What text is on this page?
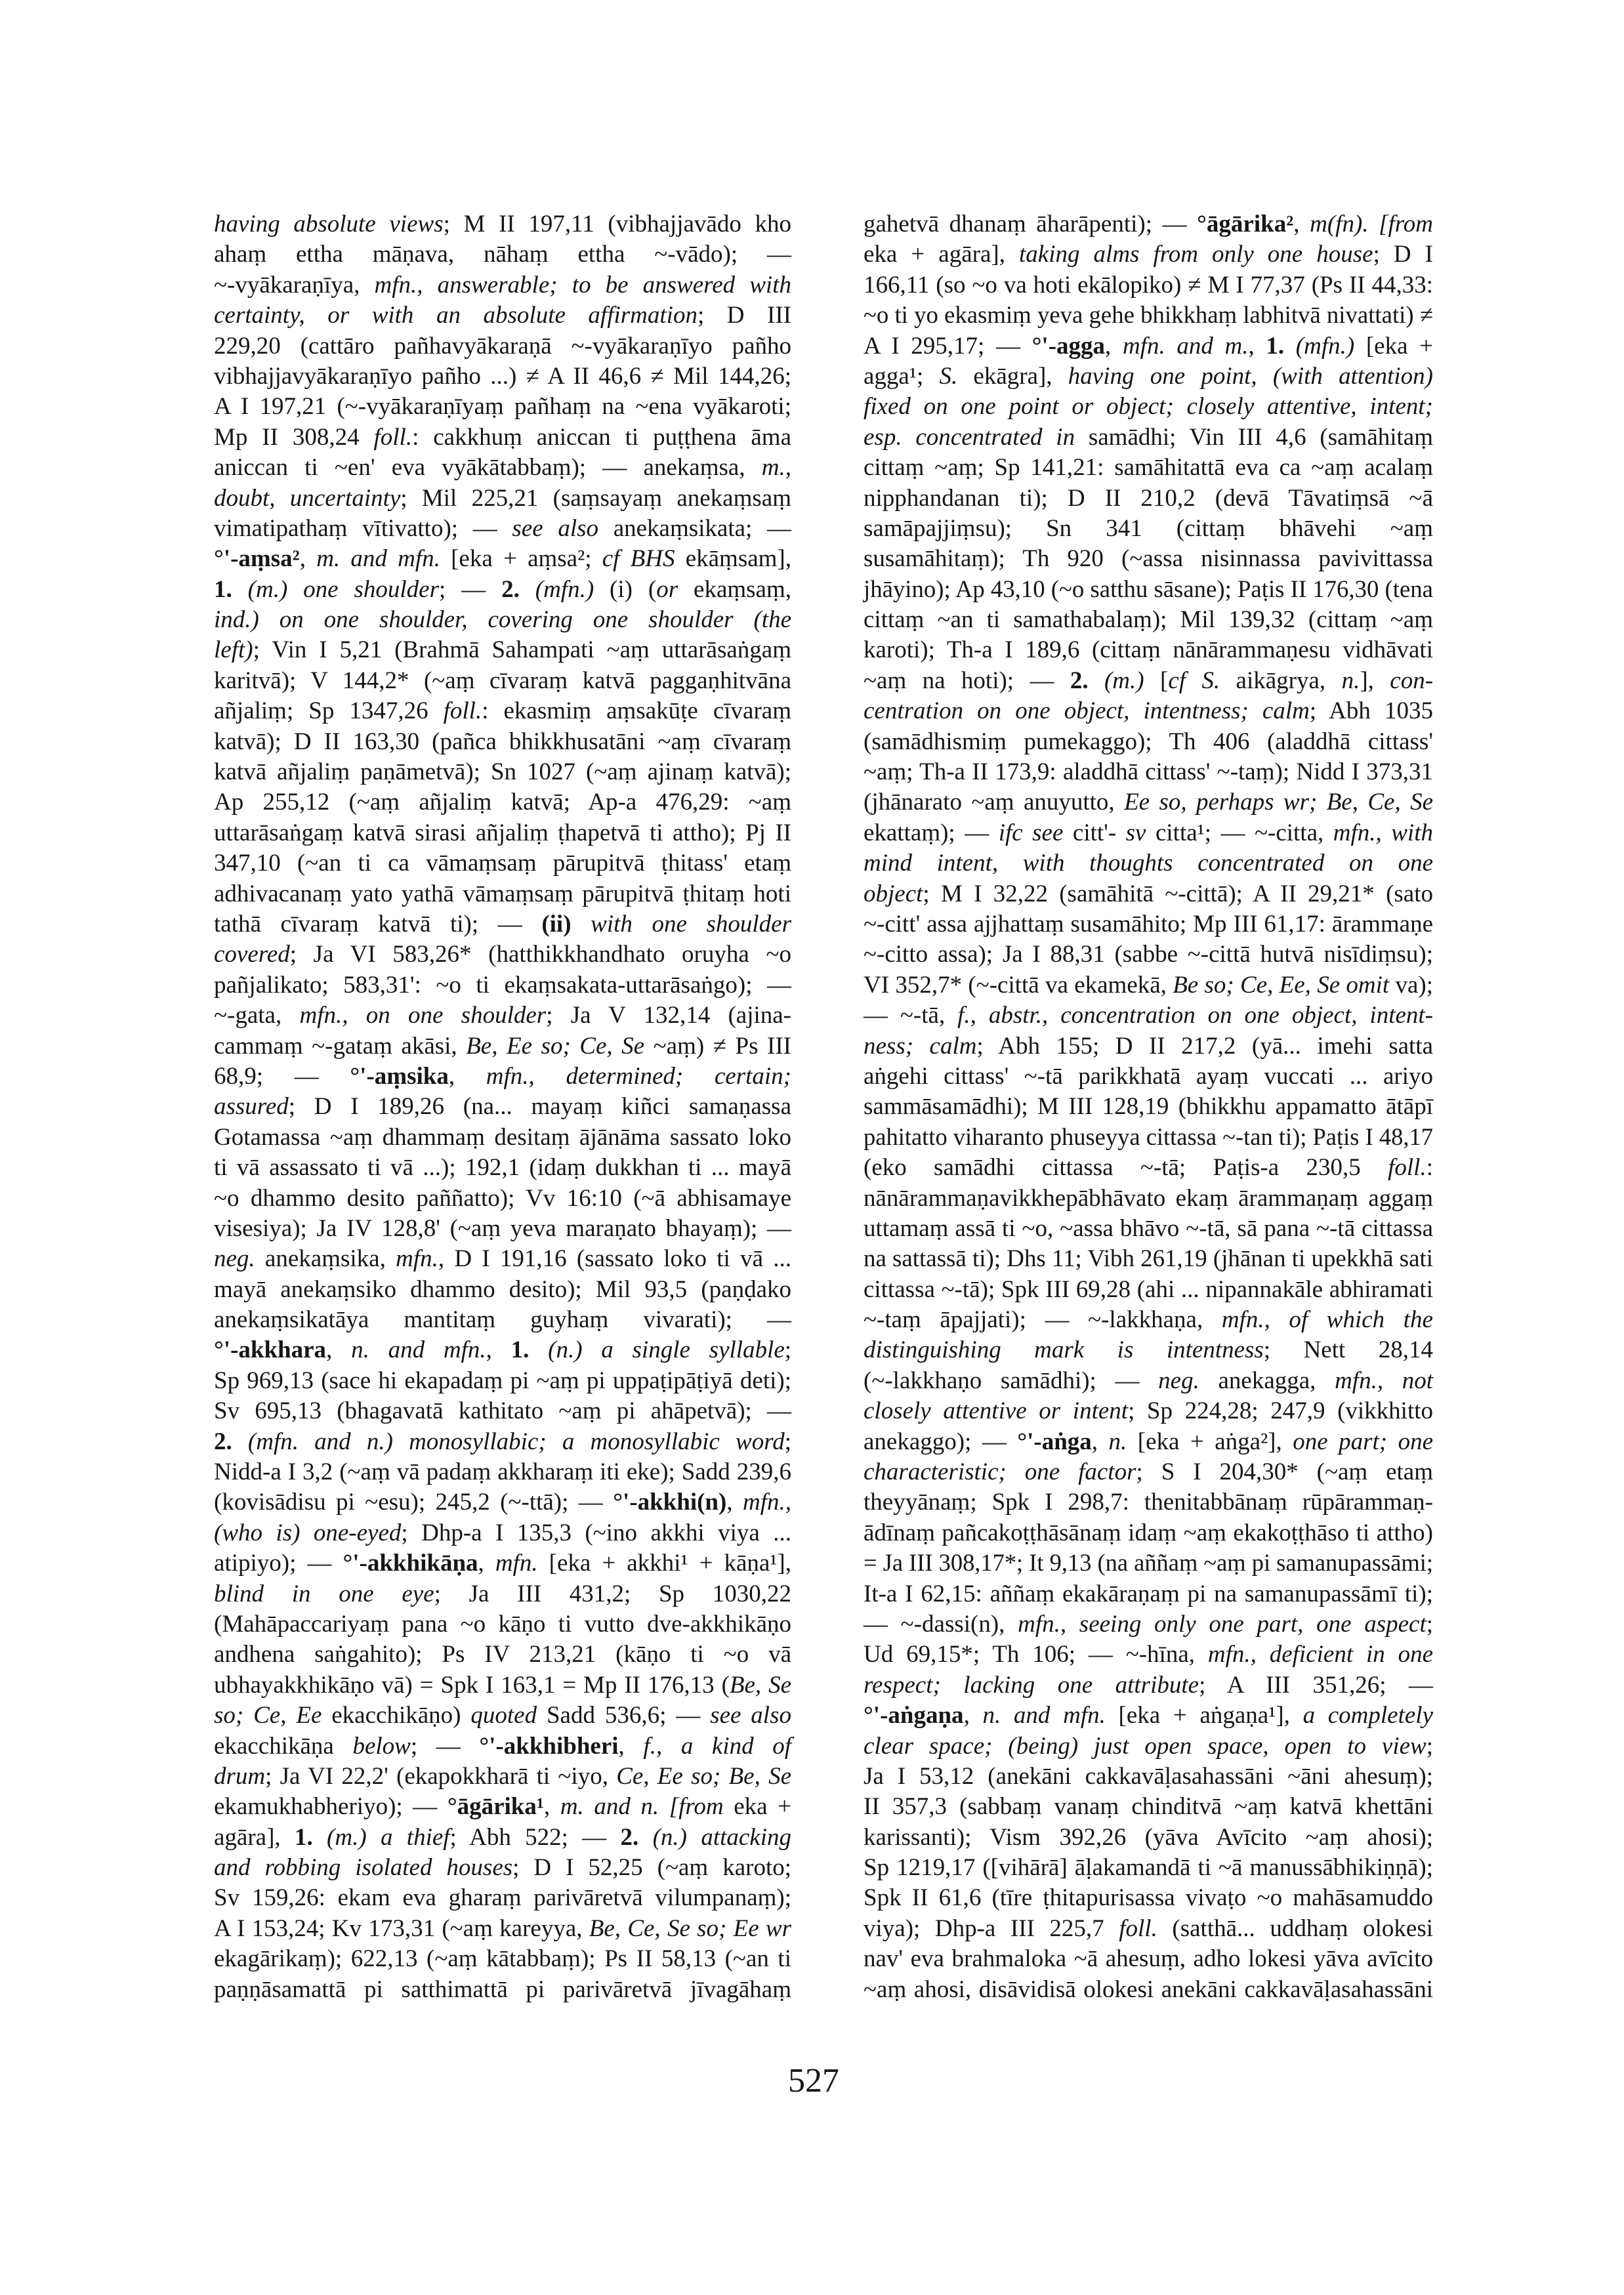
having absolute views; M II 197,11 (vibhajjavādo kho
ahaṃ ettha māṇava, nāhaṃ ettha ~-vādo); —
~-vyākaraṇīya, mfn., answerable; to be answered with
certainty, or with an absolute affirmation; D III
229,20 (cattāro pañhavyākaraṇā ~-vyākaraṇīyo pañho
vibhajjavyākaraṇīyo pañho ...) ≠ A II 46,6 ≠ Mil 144,26;
A I 197,21 (~-vyākaraṇīyaṃ pañhaṃ na ~ena vyākaroti;
Mp II 308,24 foll.: cakkhuṃ aniccan ti puṭṭhena āma
aniccan ti ~en' eva vyākātabbaṃ); — anekaṃsa, m.,
doubt, uncertainty; Mil 225,21 (saṃsayaṃ anekaṃsaṃ
vimatipathaṃ vītivatto); — see also anekaṃsikata; —
°'-aṃsa², m. and mfn. [eka + aṃsa²; cf BHS ekāṃsam],
1. (m.) one shoulder; — 2. (mfn.) (i) (or ekaṃsaṃ,
ind.) on one shoulder, covering one shoulder (the
left); Vin I 5,21 (Brahmā Sahampati ~aṃ uttarāsaṅgaṃ
karitvā); V 144,2* (~aṃ cīvaraṃ katvā paggaṇhitvāna
añjaliṃ; Sp 1347,26 foll.: ekasmiṃ aṃsakūṭe cīvaraṃ
katvā); D II 163,30 (pañca bhikkhusatāni ~aṃ cīvaraṃ
katvā añjaliṃ paṇāmetvā); Sn 1027 (~aṃ ajinaṃ katvā);
Ap 255,12 (~aṃ añjaliṃ katvā; Ap-a 476,29: ~aṃ
uttarāsaṅgaṃ katvā sirasi añjaliṃ ṭhapetvā ti attho); Pj II
347,10 (~an ti ca vāmaṃsaṃ pārupitvā ṭhitass' etaṃ
adhivacanaṃ yato yathā vāmaṃsaṃ pārupitvā ṭhitaṃ hoti
tathā cīvaraṃ katvā ti); — (ii) with one shoulder
covered; Ja VI 583,26* (hatthikkhandhato oruyha ~o
pañjalikato; 583,31': ~o ti ekaṃsakata-uttarāsaṅgo); —
~-gata, mfn., on one shoulder; Ja V 132,14 (ajina-
cammaṃ ~-gataṃ akāsi, Be, Ee so; Ce, Se ~aṃ) ≠ Ps III
68,9; — °'-aṃsika, mfn., determined; certain;
assured; D I 189,26 (na... mayaṃ kiñci samaṇassa
Gotamassa ~aṃ dhammaṃ desitaṃ ājānāma sassato loko
ti vā assassato ti vā ...); 192,1 (idaṃ dukkhan ti ... mayā
~o dhammo desito paññatto); Vv 16:10 (~ā abhisamaye
visesiya); Ja IV 128,8' (~aṃ yeva maraṇato bhayaṃ); —
neg. anekaṃsika, mfn., D I 191,16 (sassato loko ti vā ...
mayā anekaṃsiko dhammo desito); Mil 93,5 (paṇḍako
anekaṃsikatāya mantitaṃ guyhaṃ vivarati); —
°'-akkhara, n. and mfn., 1. (n.) a single syllable;
Sp 969,13 (sace hi ekapadaṃ pi ~aṃ pi uppaṭipāṭiyā deti);
Sv 695,13 (bhagavatā kathitato ~aṃ pi ahāpetvā); —
2. (mfn. and n.) monosyllabic; a monosyllabic word;
Nidd-a I 3,2 (~aṃ vā padaṃ akkharaṃ iti eke); Sadd 239,6
(kovisādisu pi ~esu); 245,2 (~-ttā); — °'-akkhi(n), mfn.,
(who is) one-eyed; Dhp-a I 135,3 (~ino akkhi viya ...
atipiyo); — °'-akkhikāṇa, mfn. [eka + akkhi¹ + kāṇa¹],
blind in one eye; Ja III 431,2; Sp 1030,22
(Mahāpaccariyaṃ pana ~o kāṇo ti vutto dve-akkhikāṇo
andhena saṅgahito); Ps IV 213,21 (kāṇo ti ~o vā
ubhayakkhikāṇo vā) = Spk I 163,1 = Mp II 176,13 (Be, Se
so; Ce, Ee ekacchikāṇo) quoted Sadd 536,6; — see also
ekacchikāṇa below; — °'-akkhibheri, f., a kind of
drum; Ja VI 22,2' (ekapokkharā ti ~iyo, Ce, Ee so; Be, Se
ekamukhabheriyo); — °āgārika¹, m. and n. [from eka +
agāra], 1. (m.) a thief; Abh 522; — 2. (n.) attacking
and robbing isolated houses; D I 52,25 (~aṃ karoto;
Sv 159,26: ekam eva gharaṃ parivāretvā vilumpanaṃ);
A I 153,24; Kv 173,31 (~aṃ kareyya, Be, Ce, Se so; Ee wr
ekagārikaṃ); 622,13 (~aṃ kātabbaṃ); Ps II 58,13 (~an ti
paṇṇāsamattā pi satthimattā pi parivāretvā jīvagāhaṃ
gahetvā dhanaṃ āharāpenti); — °āgārika², m(fn). [from
eka + agāra], taking alms from only one house; D I
166,11 (so ~o va hoti ekālopiko) ≠ M I 77,37 (Ps II 44,33:
~o ti yo ekasmiṃ yeva gehe bhikkhaṃ labhitvā nivattati) ≠
A I 295,17; — °'-agga, mfn. and m., 1. (mfn.) [eka +
agga¹; S. ekāgra], having one point, (with attention)
fixed on one point or object; closely attentive, intent;
esp. concentrated in samādhi; Vin III 4,6 (samāhitaṃ
cittaṃ ~aṃ; Sp 141,21: samāhitattā eva ca ~aṃ acalaṃ
nipphandanan ti); D II 210,2 (devā Tāvatiṃsā ~ā
samāpajjiṃsu); Sn 341 (cittaṃ bhāvehi ~aṃ
susamāhitaṃ); Th 920 (~assa nisinnassa pavivittassa
jhāyino); Ap 43,10 (~o satthu sāsane); Paṭis II 176,30 (tena
cittaṃ ~an ti samathabalaṃ); Mil 139,32 (cittaṃ ~aṃ
karoti); Th-a I 189,6 (cittaṃ nānārammaṇesu vidhāvati
~aṃ na hoti); — 2. (m.) [cf S. aikāgrya, n.], con-
centration on one object, intentness; calm; Abh 1035
(samādhismiṃ pumekaggo); Th 406 (aladdhā cittass'
~aṃ; Th-a II 173,9: aladdhā cittass' ~-taṃ); Nidd I 373,31
(jhānarato ~aṃ anuyutto, Ee so, perhaps wr; Be, Ce, Se
ekattaṃ); — ifc see citt'- sv citta¹; — ~-citta, mfn., with
mind intent, with thoughts concentrated on one
object; M I 32,22 (samāhitā ~-cittā); A II 29,21* (sato
~-citt' assa ajjhattaṃ susamāhito; Mp III 61,17: ārammaṇe
~-citto assa); Ja I 88,31 (sabbe ~-cittā hutvā nisīdiṃsu);
VI 352,7* (~-cittā va ekamekā, Be so; Ce, Ee, Se omit va);
— ~-tā, f., abstr., concentration on one object, intent-
ness; calm; Abh 155; D II 217,2 (yā... imehi satta
aṅgehi cittass' ~-tā parikkhatā ayaṃ vuccati ... ariyo
sammāsamādhi); M III 128,19 (bhikkhu appamatto ātāpī
pahitatto viharanto phuseyya cittassa ~-tan ti); Paṭis I 48,17
(eko samādhi cittassa ~-tā; Paṭis-a 230,5 foll.:
nānārammaṇavikkhepābhāvato ekaṃ ārammaṇaṃ aggaṃ
uttamaṃ assā ti ~o, ~assa bhāvo ~-tā, sā pana ~-tā cittassa
na sattassā ti); Dhs 11; Vibh 261,19 (jhānan ti upekkhā sati
cittassa ~-tā); Spk III 69,28 (ahi ... nipannakāle abhiramati
~-taṃ āpajjati); — ~-lakkhaṇa, mfn., of which the
distinguishing mark is intentness; Nett 28,14
(~-lakkhaṇo samādhi); — neg. anekagga, mfn., not
closely attentive or intent; Sp 224,28; 247,9 (vikkhitto
anekaggo); — °'-aṅga, n. [eka + aṅga²], one part; one
characteristic; one factor; S I 204,30* (~aṃ etaṃ
theyyānaṃ; Spk I 298,7: thenitabbānaṃ rūpārammaṇ-
ādīnaṃ pañcakoṭṭhāsānaṃ idaṃ ~aṃ ekakoṭṭhāso ti attho)
= Ja III 308,17*; It 9,13 (na aññaṃ ~aṃ pi samanupassāmi;
It-a I 62,15: aññaṃ ekakāraṇaṃ pi na samanupassāmī ti);
— ~-dassi(n), mfn., seeing only one part, one aspect;
Ud 69,15*; Th 106; — ~-hīna, mfn., deficient in one
respect; lacking one attribute; A III 351,26; —
°'-aṅgaṇa, n. and mfn. [eka + aṅgaṇa¹], a completely
clear space; (being) just open space, open to view;
Ja I 53,12 (anekāni cakkavāḷasahassāni ~āni ahesuṃ);
II 357,3 (sabbaṃ vanaṃ chinditvā ~aṃ katvā khettāni
karissanti); Vism 392,26 (yāva Avīcito ~aṃ ahosi);
Sp 1219,17 ([vihārā] āḷakamandā ti ~ā manussābhikiṇṇā);
Spk II 61,6 (tīre ṭhitapurisassa vivaṭo ~o mahāsamuddo
viya); Dhp-a III 225,7 foll. (satthā... uddhaṃ olokesi
nav' eva brahmaloka ~ā ahesuṃ, adho lokesi yāva avīcito
~aṃ ahosi, disāvidisā olokesi anekāni cakkavāḷasahassāni
527
